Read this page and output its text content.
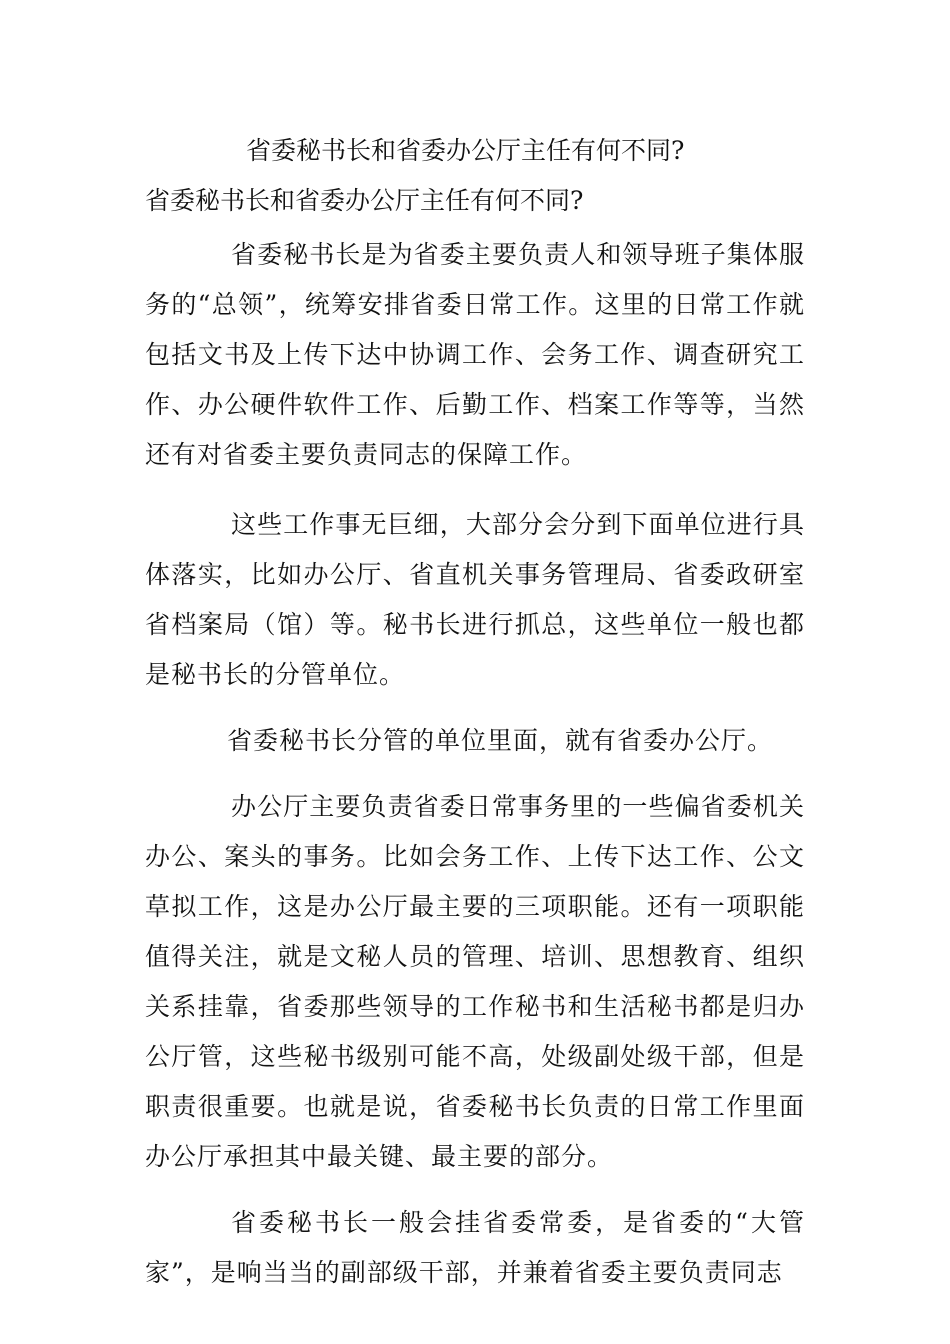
省委秘书长和省委办公厅主任有何不同?
省委秘书长和省委办公厅主任有何不同?

省委秘书长是为省委主要负责人和领导班子集体服务的“总领”，统筹安排省委日常工作。这里的日常工作就包括文书及上传下达中协调工作、会务工作、调查研究工作、办公硬件软件工作、后勤工作、档案工作等等，当然还有对省委主要负责同志的保障工作。

这些工作事无巨细，大部分会分到下面单位进行具体落实，比如办公厅、省直机关事务管理局、省委政研室省档案局（馆）等。秘书长进行抓总，这些单位一般也都是秘书长的分管单位。

省委秘书长分管的单位里面，就有省委办公厅。

办公厅主要负责省委日常事务里的一些偏省委机关办公、案头的事务。比如会务工作、上传下达工作、公文草拟工作，这是办公厅最主要的三项职能。还有一项职能值得关注，就是文秘人员的管理、培训、思想教育、组织关系挂靠，省委那些领导的工作秘书和生活秘书都是归办公厅管，这些秘书级别可能不高，处级副处级干部，但是职责很重要。也就是说，省委秘书长负责的日常工作里面办公厅承担其中最关键、最主要的部分。

省委秘书长一般会挂省委常委，是省委的“大管家”，是响当当的副部级干部，并兼着省委主要负责同志
